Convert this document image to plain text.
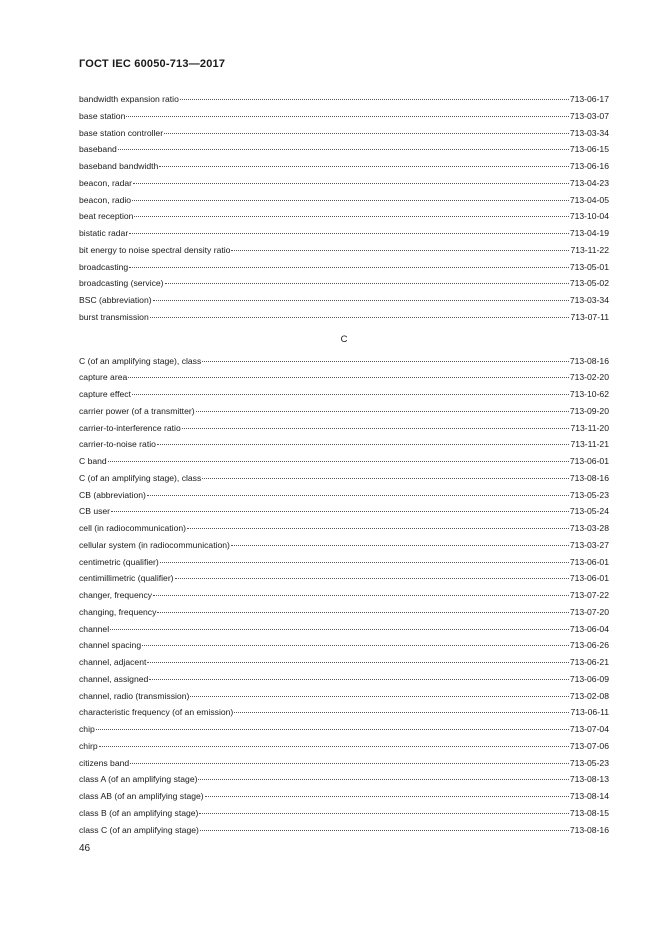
ГОСТ IEC 60050-713—2017
bandwidth expansion ratio	713-06-17
base station	713-03-07
base station controller	713-03-34
baseband	713-06-15
baseband bandwidth	713-06-16
beacon, radar	713-04-23
beacon, radio	713-04-05
beat reception	713-10-04
bistatic radar	713-04-19
bit energy to noise spectral density ratio	713-11-22
broadcasting	713-05-01
broadcasting (service)	713-05-02
BSC (abbreviation)	713-03-34
burst transmission	713-07-11
C
C (of an amplifying stage), class	713-08-16
capture area	713-02-20
capture effect	713-10-62
carrier power (of a transmitter)	713-09-20
carrier-to-interference ratio	713-11-20
carrier-to-noise ratio	713-11-21
C band	713-06-01
C (of an amplifying stage), class	713-08-16
CB (abbreviation)	713-05-23
CB user	713-05-24
cell (in radiocommunication)	713-03-28
cellular system (in radiocommunication)	713-03-27
centimetric (qualifier)	713-06-01
centimillimetric (qualifier)	713-06-01
changer, frequency	713-07-22
changing, frequency	713-07-20
channel	713-06-04
channel spacing	713-06-26
channel, adjacent	713-06-21
channel, assigned	713-06-09
channel, radio (transmission)	713-02-08
characteristic frequency (of an emission)	713-06-11
chip	713-07-04
chirp	713-07-06
citizens band	713-05-23
class A (of an amplifying stage)	713-08-13
class AB (of an amplifying stage)	713-08-14
class B (of an amplifying stage)	713-08-15
class C (of an amplifying stage)	713-08-16
46
